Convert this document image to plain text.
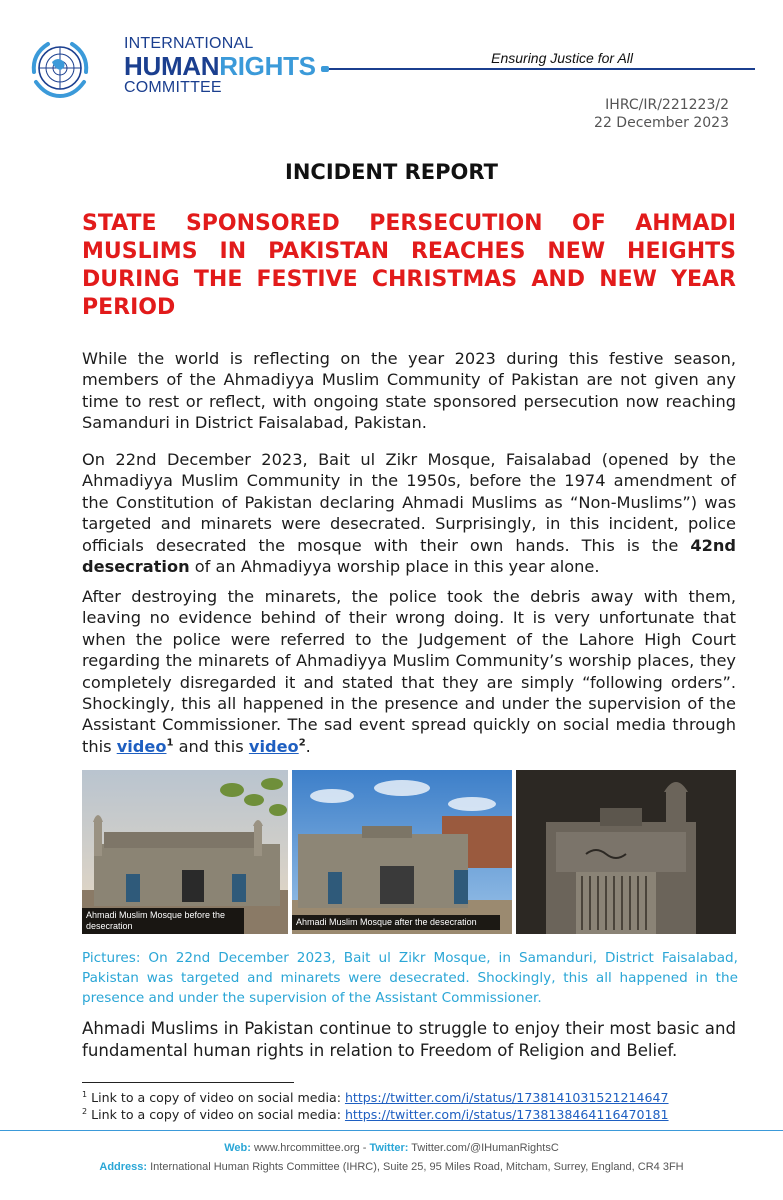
INTERNATIONAL
HUMANRIGHTS
COMMITTEE
Ensuring Justice for All
IHRC/IR/221223/2
22 December 2023
INCIDENT REPORT
STATE SPONSORED PERSECUTION OF AHMADI MUSLIMS IN PAKISTAN REACHES NEW HEIGHTS DURING THE FESTIVE CHRISTMAS AND NEW YEAR PERIOD
While the world is reflecting on the year 2023 during this festive season, members of the Ahmadiyya Muslim Community of Pakistan are not given any time to rest or reflect, with ongoing state sponsored persecution now reaching Samanduri in District Faisalabad, Pakistan.
On 22nd December 2023, Bait ul Zikr Mosque, Faisalabad (opened by the Ahmadiyya Muslim Community in the 1950s, before the 1974 amendment of the Constitution of Pakistan declaring Ahmadi Muslims as “Non-Muslims”) was targeted and minarets were desecrated. Surprisingly, in this incident, police officials desecrated the mosque with their own hands. This is the 42nd desecration of an Ahmadiyya worship place in this year alone.
After destroying the minarets, the police took the debris away with them, leaving no evidence behind of their wrong doing. It is very unfortunate that when the police were referred to the Judgement of the Lahore High Court regarding the minarets of Ahmadiyya Muslim Community’s worship places, they completely disregarded it and stated that they are simply “following orders”. Shockingly, this all happened in the presence and under the supervision of the Assistant Commissioner. The sad event spread quickly on social media through this video$^1$ and this video$^2$.
Ahmadi Muslim Mosque before the desecration	Ahmadi Muslim Mosque after the desecration
Pictures: On 22nd December 2023, Bait ul Zikr Mosque, in Samanduri, District Faisalabad, Pakistan was targeted and minarets were desecrated. Shockingly, this all happened in the presence and under the supervision of the Assistant Commissioner.
Ahmadi Muslims in Pakistan continue to struggle to enjoy their most basic and fundamental human rights in relation to Freedom of Religion and Belief.
$^1$ Link to a copy of video on social media: https://twitter.com/i/status/1738141031521214647
$^2$ Link to a copy of video on social media: https://twitter.com/i/status/1738138464116470181
Web: www.hrcommittee.org - Twitter: Twitter.com/@IHumanRightsC
Address: International Human Rights Committee (IHRC), Suite 25, 95 Miles Road, Mitcham, Surrey, England, CR4 3FH
